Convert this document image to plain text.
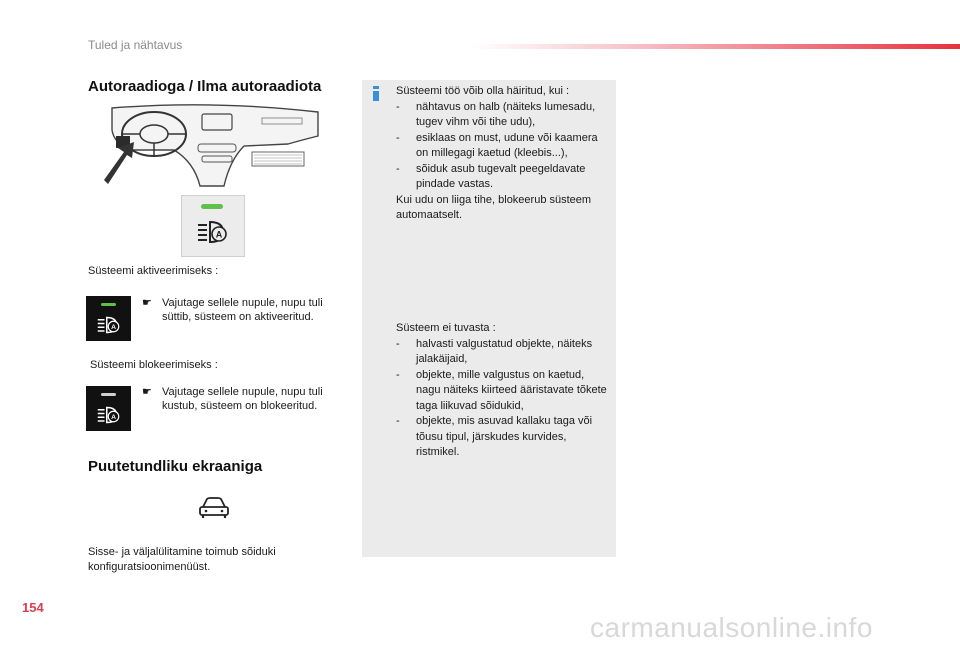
Tuled ja nähtavus
Autoraadioga / Ilma autoraadiota
A
Süsteemi aktiveerimiseks :
A
☛ Vajutage sellele nupule, nupu tuli süttib, süsteem on aktiveeritud.
Süsteemi blokeerimiseks :
A
☛ Vajutage sellele nupule, nupu tuli kustub, süsteem on blokeeritud.
Puutetundliku ekraaniga
Sisse- ja väljalülitamine toimub sõiduki
konfiguratsioonimenüüst.

Süsteemi töö võib olla häiritud, kui :

- nähtavus on halb (näiteks lumesadu, tugev vihm või tihe udu),

- esiklaas on must, udune või kaamera on millegagi kaetud (kleebis...),

- sõiduk asub tugevalt peegeldavate pindade vastas.

Kui udu on liiga tihe, blokeerub süsteem automaatselt.

Süsteem ei tuvasta :

- halvasti valgustatud objekte, näiteks jalakäijaid,

- objekte, mille valgustus on kaetud, nagu näiteks kiirteed ääristavate tõkete taga liikuvad sõidukid,

- objekte, mis asuvad kallaku taga või tõusu tipul, järskudes kurvides, ristmikel.

154
carmanualsonline.info
